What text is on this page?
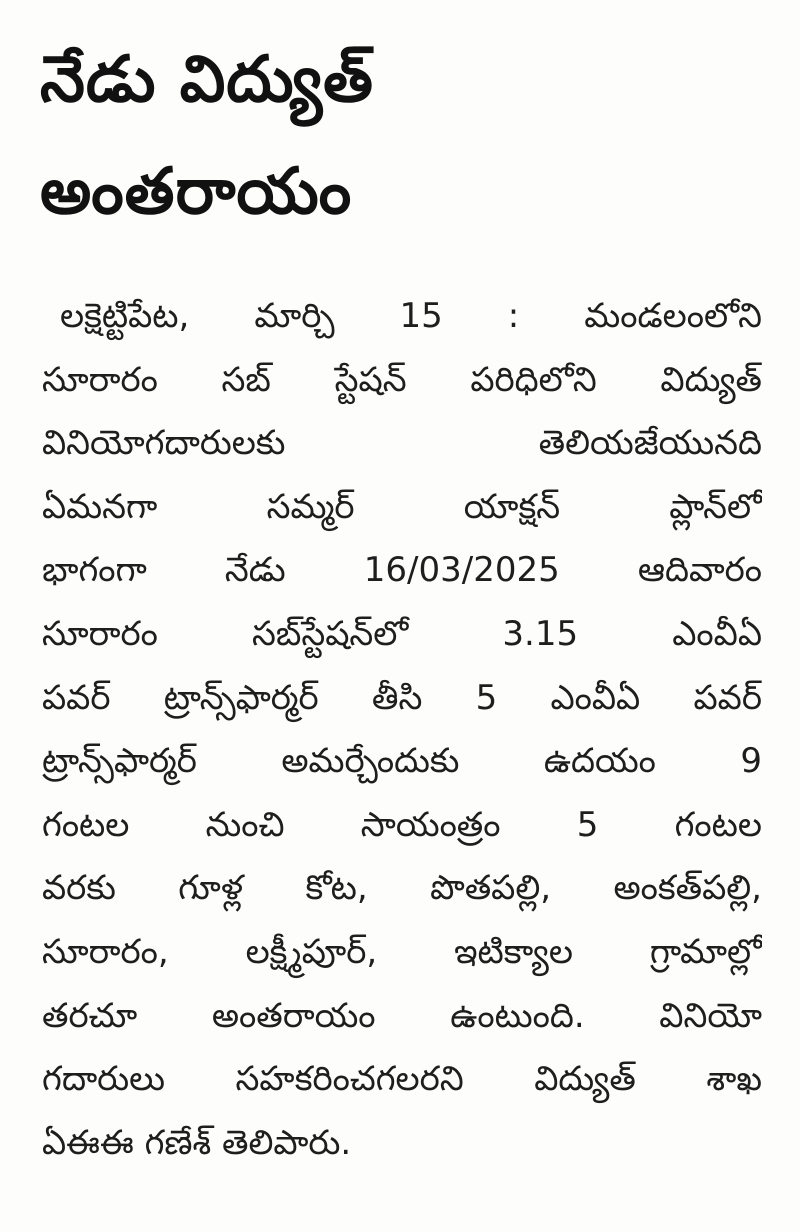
నేడు విద్యుత్
అంతరాయం
లక్షెట్టిపేట, మార్చి 15 : మండలంలోని
సూరారం సబ్ స్టేషన్ పరిధిలోని విద్యుత్
వినియోగదారులకు తెలియజేయునది
ఏమనగా సమ్మర్ యాక్షన్ ప్లాన్‌లో
భాగంగా నేడు 16/03/2025 ఆదివారం
సూరారం సబ్‌స్టేషన్‌లో 3.15 ఎంవీఏ
పవర్ ట్రాన్స్‌ఫార్మర్ తీసి 5 ఎంవీఏ పవర్
ట్రాన్స్‌ఫార్మర్ అమర్చేందుకు ఉదయం 9
గంటల నుంచి సాయంత్రం 5 గంటల
వరకు గూళ్ల కోట, పొతపల్లి, అంకత్‌పల్లి,
సూరారం, లక్ష్మీపూర్, ఇటిక్యాల గ్రామాల్లో
తరచూ అంతరాయం ఉంటుంది. వినియో
గదారులు సహకరించగలరని విద్యుత్ శాఖ
ఏఈఈ గణేశ్ తెలిపారు.
